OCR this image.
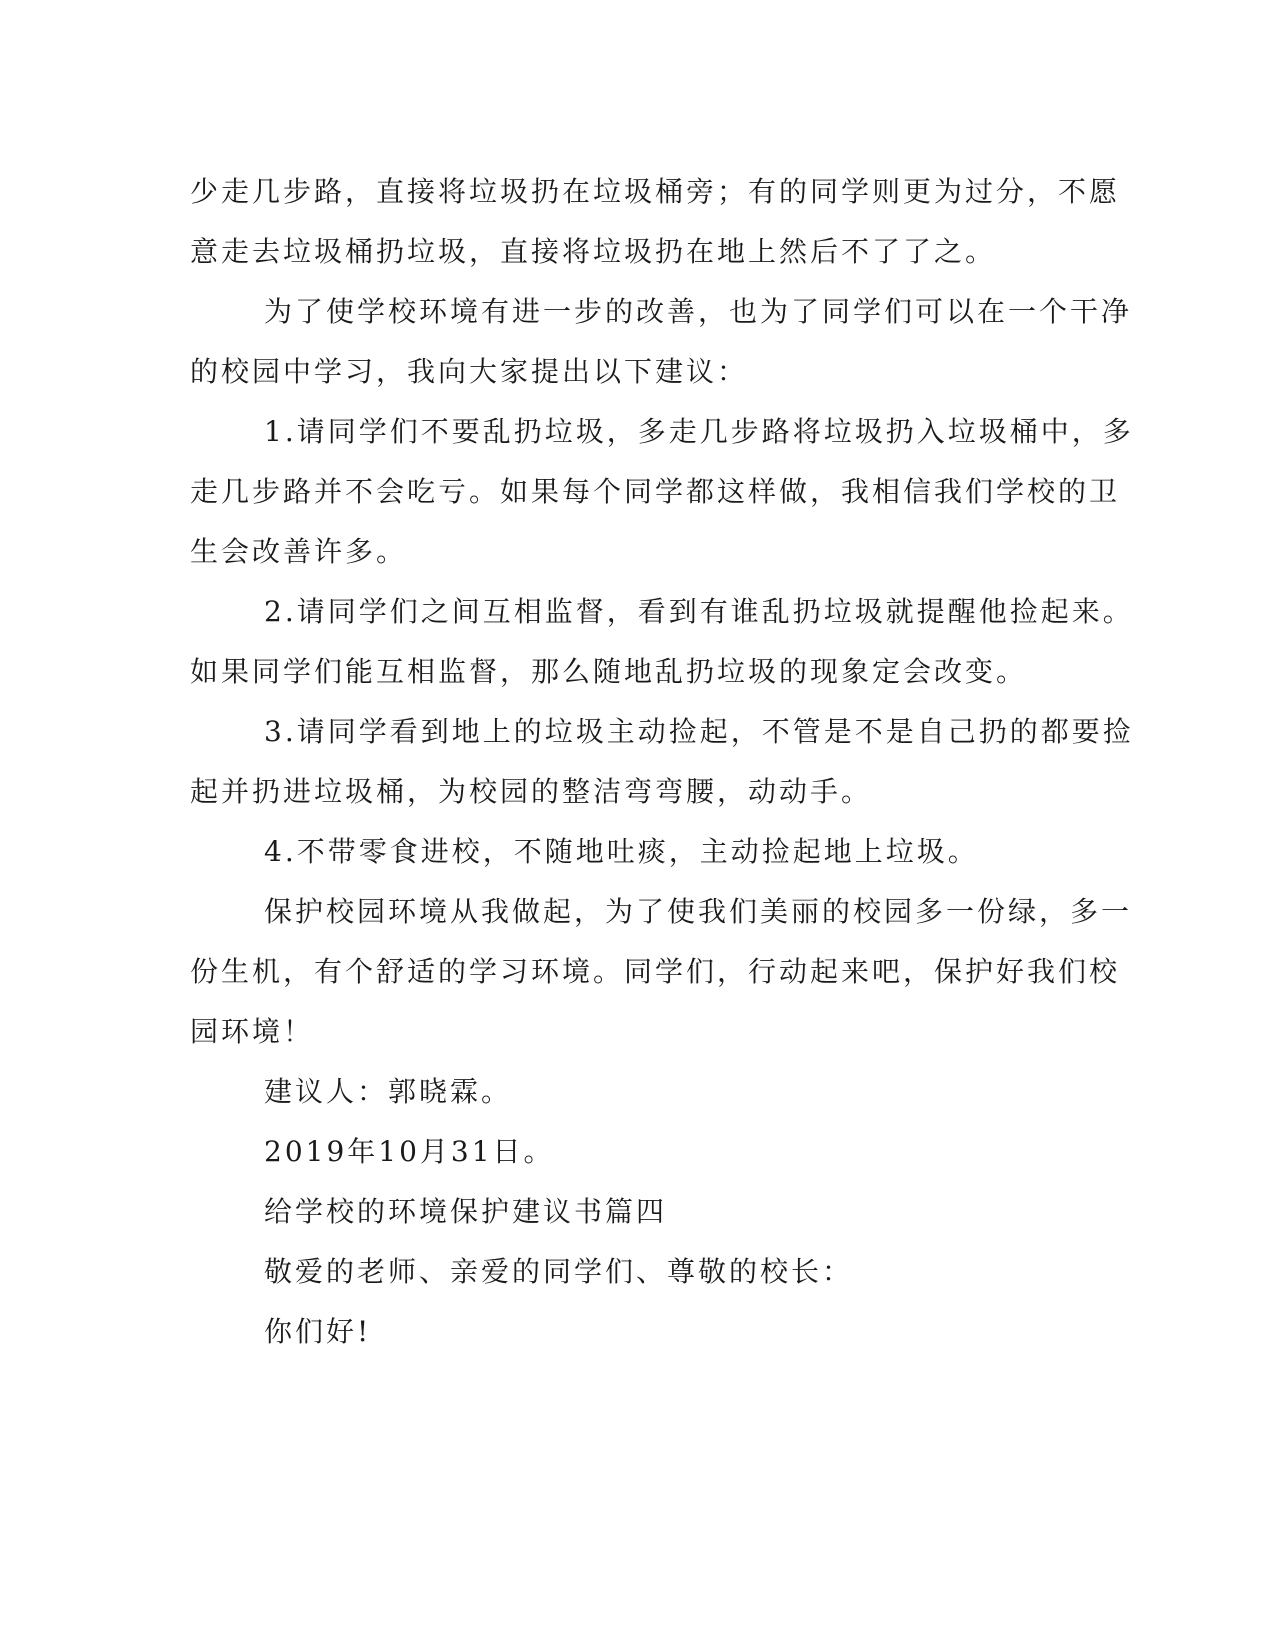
少走几步路，直接将垃圾扔在垃圾桶旁；有的同学则更为过分，不愿
意走去垃圾桶扔垃圾，直接将垃圾扔在地上然后不了了之。
为了使学校环境有进一步的改善，也为了同学们可以在一个干净
的校园中学习，我向大家提出以下建议：
1.请同学们不要乱扔垃圾，多走几步路将垃圾扔入垃圾桶中，多
走几步路并不会吃亏。如果每个同学都这样做，我相信我们学校的卫
生会改善许多。
2.请同学们之间互相监督，看到有谁乱扔垃圾就提醒他捡起来。
如果同学们能互相监督，那么随地乱扔垃圾的现象定会改变。
3.请同学看到地上的垃圾主动捡起，不管是不是自己扔的都要捡
起并扔进垃圾桶，为校园的整洁弯弯腰，动动手。
4.不带零食进校，不随地吐痰，主动捡起地上垃圾。
保护校园环境从我做起，为了使我们美丽的校园多一份绿，多一
份生机，有个舒适的学习环境。同学们，行动起来吧，保护好我们校
园环境！
建议人：郭晓霖。
2019年10月31日。
给学校的环境保护建议书篇四
敬爱的老师、亲爱的同学们、尊敬的校长：
你们好!
